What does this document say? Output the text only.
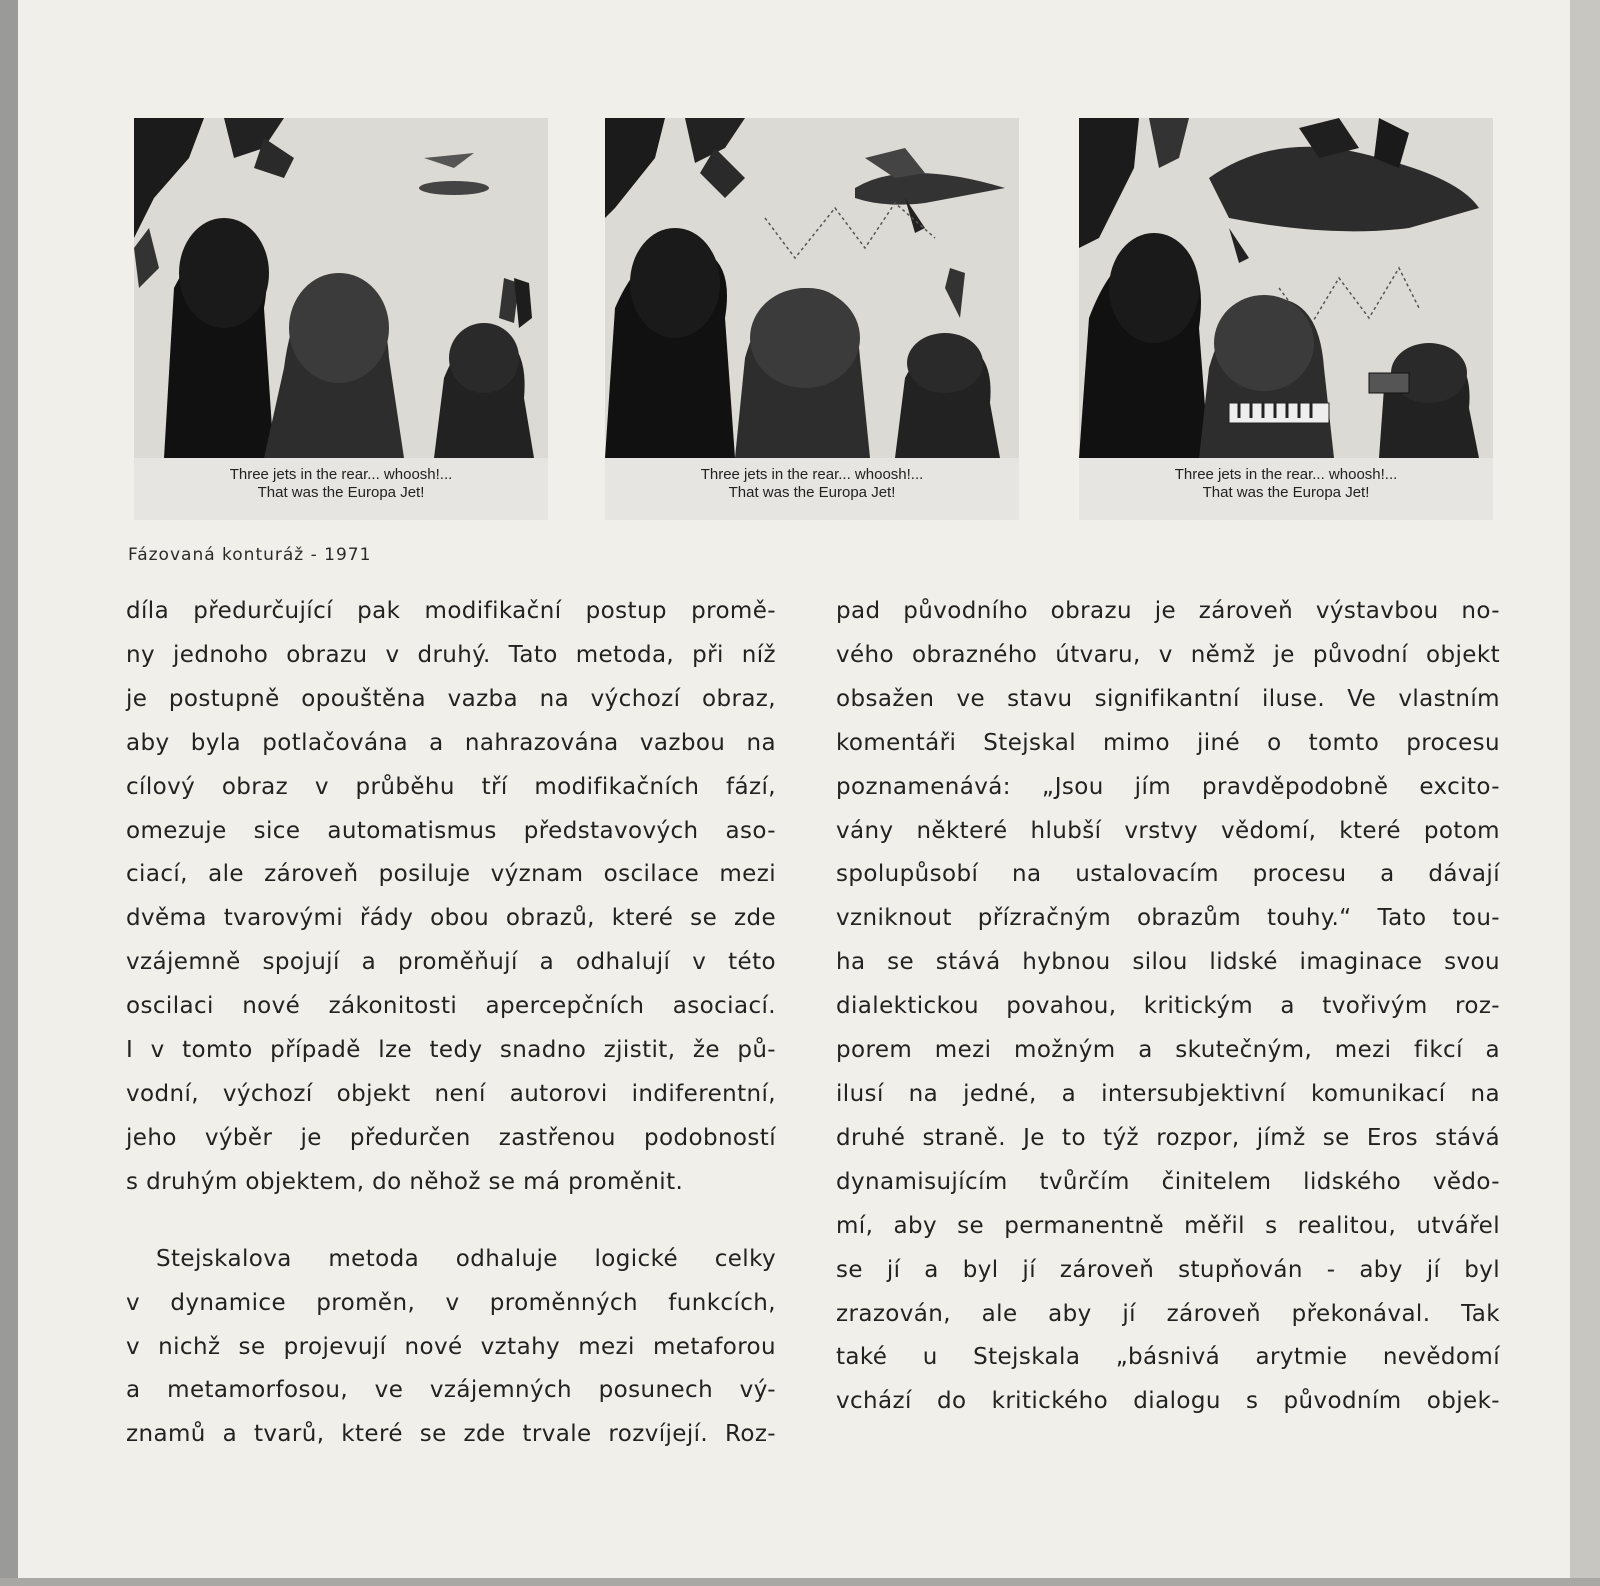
Three jets in the rear... whoosh!...
That was the Europa Jet!
Three jets in the rear... whoosh!...
That was the Europa Jet!
Three jets in the rear... whoosh!...
That was the Europa Jet!
Fázovaná konturáž - 1971

díla předurčující pak modifikační postup promě-
ny jednoho obrazu v druhý. Tato metoda, při níž
je postupně opouštěna vazba na výchozí obraz,
aby byla potlačována a nahrazována vazbou na
cílový obraz v průběhu tří modifikačních fází,
omezuje sice automatismus představových aso-
ciací, ale zároveň posiluje význam oscilace mezi
dvěma tvarovými řády obou obrazů, které se zde
vzájemně spojují a proměňují a odhalují v této
oscilaci nové zákonitosti apercepčních asociací.
I v tomto případě lze tedy snadno zjistit, že pů-
vodní, výchozí objekt není autorovi indiferentní,
jeho výběr je předurčen zastřenou podobností
s druhým objektem, do něhož se má proměnit.

Stejskalova metoda odhaluje logické celky
v dynamice proměn, v proměnných funkcích,
v nichž se projevují nové vztahy mezi metaforou
a metamorfosou, ve vzájemných posunech vý-
znamů a tvarů, které se zde trvale rozvíjejí. Roz-

pad původního obrazu je zároveň výstavbou no-
vého obrazného útvaru, v němž je původní objekt
obsažen ve stavu signifikantní iluse. Ve vlastním
komentáři Stejskal mimo jiné o tomto procesu
poznamenává: „Jsou jím pravděpodobně excito-
vány některé hlubší vrstvy vědomí, které potom
spolupůsobí na ustalovacím procesu a dávají
vzniknout přízračným obrazům touhy.“ Tato tou-
ha se stává hybnou silou lidské imaginace svou
dialektickou povahou, kritickým a tvořivým roz-
porem mezi možným a skutečným, mezi fikcí a
ilusí na jedné, a intersubjektivní komunikací na
druhé straně. Je to týž rozpor, jímž se Eros stává
dynamisujícím tvůrčím činitelem lidského vědo-
mí, aby se permanentně měřil s realitou, utvářel
se jí a byl jí zároveň stupňován - aby jí byl
zrazován, ale aby jí zároveň překonával. Tak
také u Stejskala „básnivá arytmie nevědomí
vchází do kritického dialogu s původním objek-
